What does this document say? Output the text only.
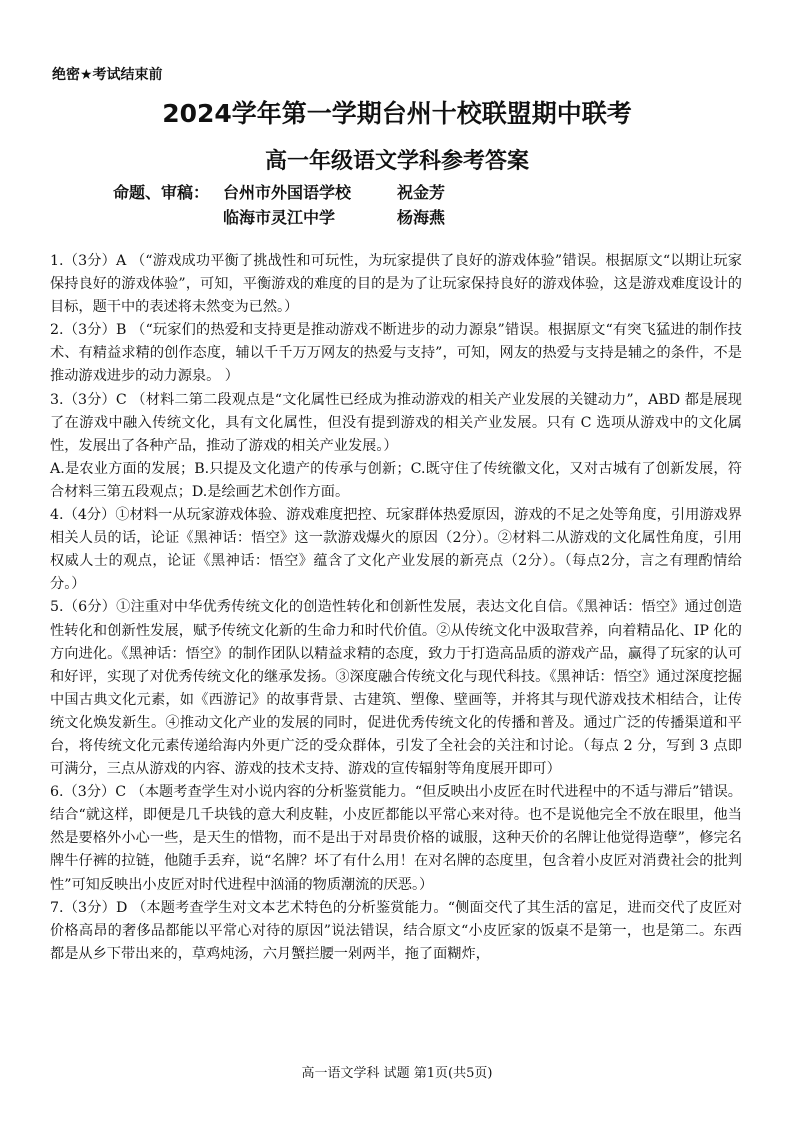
绝密★考试结束前
2024学年第一学期台州十校联盟期中联考
高一年级语文学科参考答案
命题、审稿： 台州市外国语学校	祝金芳
临海市灵江中学	杨海燕

1.（3分）A （“游戏成功平衡了挑战性和可玩性，为玩家提供了良好的游戏体验”错误。根据原文“以期让玩家保持良好的游戏体验”，可知，平衡游戏的难度的目的是为了让玩家保持良好的游戏体验，这是游戏难度设计的目标，题干中的表述将未然变为已然。）

2.（3分）B （“玩家们的热爱和支持更是推动游戏不断进步的动力源泉”错误。根据原文“有突飞猛进的制作技术、有精益求精的创作态度，辅以千千万万网友的热爱与支持”，可知，网友的热爱与支持是辅之的条件，不是推动游戏进步的动力源泉。 ）

3.（3分）C （材料二第二段观点是“文化属性已经成为推动游戏的相关产业发展的关键动力”，ABD 都是展现了在游戏中融入传统文化，具有文化属性，但没有提到游戏的相关产业发展。只有 C 选项从游戏中的文化属性，发展出了各种产品，推动了游戏的相关产业发展。）

A.是农业方面的发展；B.只提及文化遗产的传承与创新；C.既守住了传统徽文化，又对古城有了创新发展，符合材料三第五段观点；D.是绘画艺术创作方面。

4.（4分）①材料一从玩家游戏体验、游戏难度把控、玩家群体热爱原因，游戏的不足之处等角度，引用游戏界相关人员的话，论证《黑神话：悟空》这一款游戏爆火的原因（2分）。②材料二从游戏的文化属性角度，引用权威人士的观点，论证《黑神话：悟空》蕴含了文化产业发展的新亮点（2分）。（每点2分，言之有理酌情给分。）

5.（6分）①注重对中华优秀传统文化的创造性转化和创新性发展，表达文化自信。《黑神话：悟空》通过创造性转化和创新性发展，赋予传统文化新的生命力和时代价值。②从传统文化中汲取营养，向着精品化、IP 化的方向进化。《黑神话：悟空》的制作团队以精益求精的态度，致力于打造高品质的游戏产品，赢得了玩家的认可和好评，实现了对优秀传统文化的继承发扬。③深度融合传统文化与现代科技。《黑神话：悟空》通过深度挖掘中国古典文化元素，如《西游记》的故事背景、古建筑、塑像、壁画等，并将其与现代游戏技术相结合，让传统文化焕发新生。④推动文化产业的发展的同时，促进优秀传统文化的传播和普及。通过广泛的传播渠道和平台，将传统文化元素传递给海内外更广泛的受众群体，引发了全社会的关注和讨论。（每点 2 分，写到 3 点即可满分，三点从游戏的内容、游戏的技术支持、游戏的宣传辐射等角度展开即可）

6.（3分）C （本题考查学生对小说内容的分析鉴赏能力。“但反映出小皮匠在时代进程中的不适与滞后”错误。结合“就这样，即便是几千块钱的意大利皮鞋，小皮匠都能以平常心来对待。也不是说他完全不放在眼里，他当然是要格外小心一些，是天生的惜物，而不是出于对昂贵价格的诚服，这种天价的名牌让他觉得造孽”，修完名牌牛仔裤的拉链，他随手丢弃，说“名牌？坏了有什么用！在对名牌的态度里，包含着小皮匠对消费社会的批判性”可知反映出小皮匠对时代进程中汹涌的物质潮流的厌恶。）

7.（3分）D （本题考查学生对文本艺术特色的分析鉴赏能力。“侧面交代了其生活的富足，进而交代了皮匠对价格高昂的奢侈品都能以平常心对待的原因”说法错误，结合原文“小皮匠家的饭桌不是第一，也是第二。东西都是从乡下带出来的，草鸡炖汤，六月蟹拦腰一剁两半，拖了面糊炸，

高一语文学科 试题 第1页(共5页)
